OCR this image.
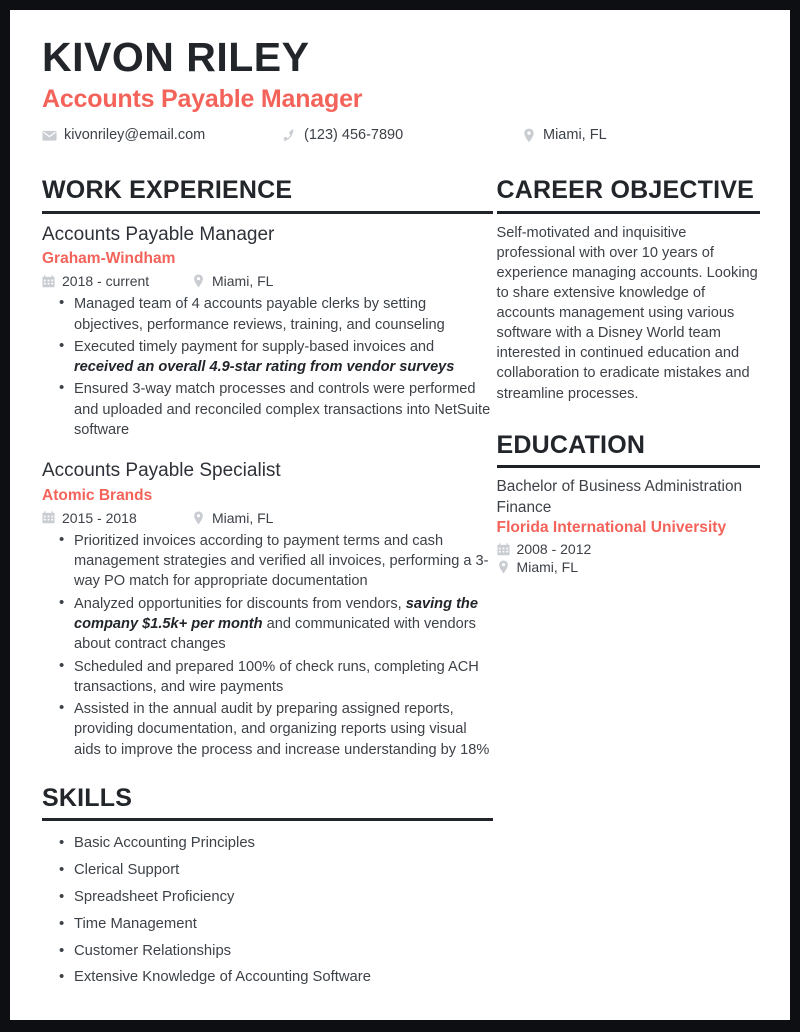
KIVON RILEY
Accounts Payable Manager
kivonriley@email.com	(123) 456-7890	Miami, FL
WORK EXPERIENCE
Accounts Payable Manager
Graham-Windham
2018 - current	Miami, FL
• Managed team of 4 accounts payable clerks by setting objectives, performance reviews, training, and counseling
• Executed timely payment for supply-based invoices and received an overall 4.9-star rating from vendor surveys
• Ensured 3-way match processes and controls were performed and uploaded and reconciled complex transactions into NetSuite software
Accounts Payable Specialist
Atomic Brands
2015 - 2018	Miami, FL
• Prioritized invoices according to payment terms and cash management strategies and verified all invoices, performing a 3-way PO match for appropriate documentation
• Analyzed opportunities for discounts from vendors, saving the company $1.5k+ per month and communicated with vendors about contract changes
• Scheduled and prepared 100% of check runs, completing ACH transactions, and wire payments
• Assisted in the annual audit by preparing assigned reports, providing documentation, and organizing reports using visual aids to improve the process and increase understanding by 18%
SKILLS
• Basic Accounting Principles
• Clerical Support
• Spreadsheet Proficiency
• Time Management
• Customer Relationships
• Extensive Knowledge of Accounting Software
CAREER OBJECTIVE
Self-motivated and inquisitive professional with over 10 years of experience managing accounts. Looking to share extensive knowledge of accounts management using various software with a Disney World team interested in continued education and collaboration to eradicate mistakes and streamline processes.
EDUCATION
Bachelor of Business Administration
Finance
Florida International University
2008 - 2012
Miami, FL
